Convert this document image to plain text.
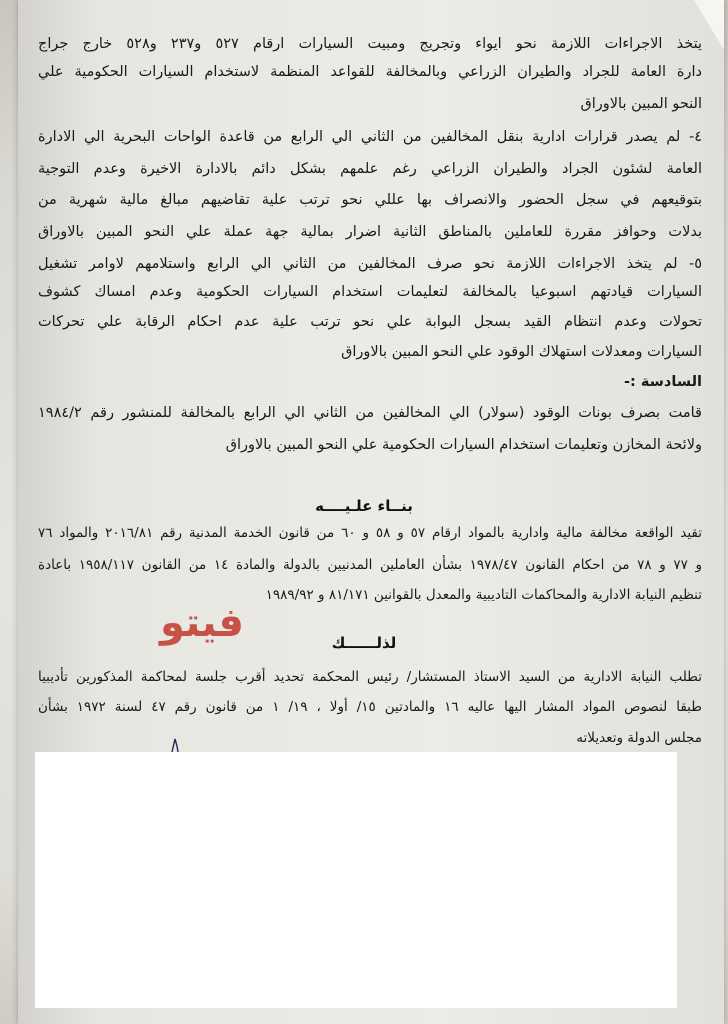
يتخذ الاجراءات اللازمة نحو ايواء وتجريج ومبيت السيارات ارقام ٥٢٧ و٢٣٧ و٥٢٨ خارج جراج
دارة العامة للجراد والطيران الزراعي وبالمخالفة للقواعد المنظمة لاستخدام السيارات الحكومية علي
النحو المبين بالاوراق
٤- لم يصدر قرارات ادارية بنقل المخالفين من الثاني الي الرابع من قاعدة الواحات البحرية الي الادارة
العامة لشئون الجراد والطيران الزراعي رغم علمهم بشكل دائم بالادارة الاخيرة وعدم التوجية
بتوقيعهم في سجل الحضور والانصراف بها عللي نحو ترتب علية تقاضيهم مبالغ مالية شهرية من
بدلات وحوافز مقررة للعاملين بالمناطق الثانية اضرار بمالية جهة عملة علي النحو المبين بالاوراق
٥- لم يتخذ الاجراءات اللازمة نحو صرف المخالفين من الثاني الي الرابع واستلامهم لاوامر تشغيل
السيارات قيادتهم اسبوعيا بالمخالفة لتعليمات استخدام السيارات الحكومية وعدم امساك كشوف
تحولات وعدم انتظام القيد بسجل البوابة علي نحو ترتب علية عدم احكام الرقابة علي تحركات
السيارات ومعدلات استهلاك الوقود علي النحو المبين بالاوراق
السادسة :-
قامت بصرف بونات الوقود (سولار) الي المخالفين من الثاني الي الرابع بالمخالفة للمنشور رقم ١٩٨٤/٢
ولائحة المخازن وتعليمات استخدام السيارات الحكومية علي النحو المبين بالاوراق
بنــاء علـيــــه
تقيد الواقعة مخالفة مالية وادارية بالمواد ارقام ٥٧ و ٥٨ و ٦٠ من قانون الخدمة المدنية رقم ٢٠١٦/٨١ والمواد ٧٦
و ٧٧ و ٧٨ من احكام القانون ١٩٧٨/٤٧ بشأن العاملين المدنيين بالدولة والمادة ١٤ من القانون ١٩٥٨/١١٧ باعادة
تنظيم النيابة الادارية والمحاكمات التاديبية والمعدل بالقوانين ٨١/١٧١ و ١٩٨٩/٩٢
فيتو	لذلــــــك
تطلب النيابة الادارية من السيد الاستاذ المستشار/ رئيس المحكمة تحديد أقرب جلسة لمحاكمة المذكورين تأديبيا
طبقا لنصوص المواد المشار اليها عاليه ١٦ والمادتين ١٥/ أولا ، ١٩/ ١ من قانون رقم ٤٧ لسنة ١٩٧٢ بشأن
مجلس الدولة وتعديلاته
